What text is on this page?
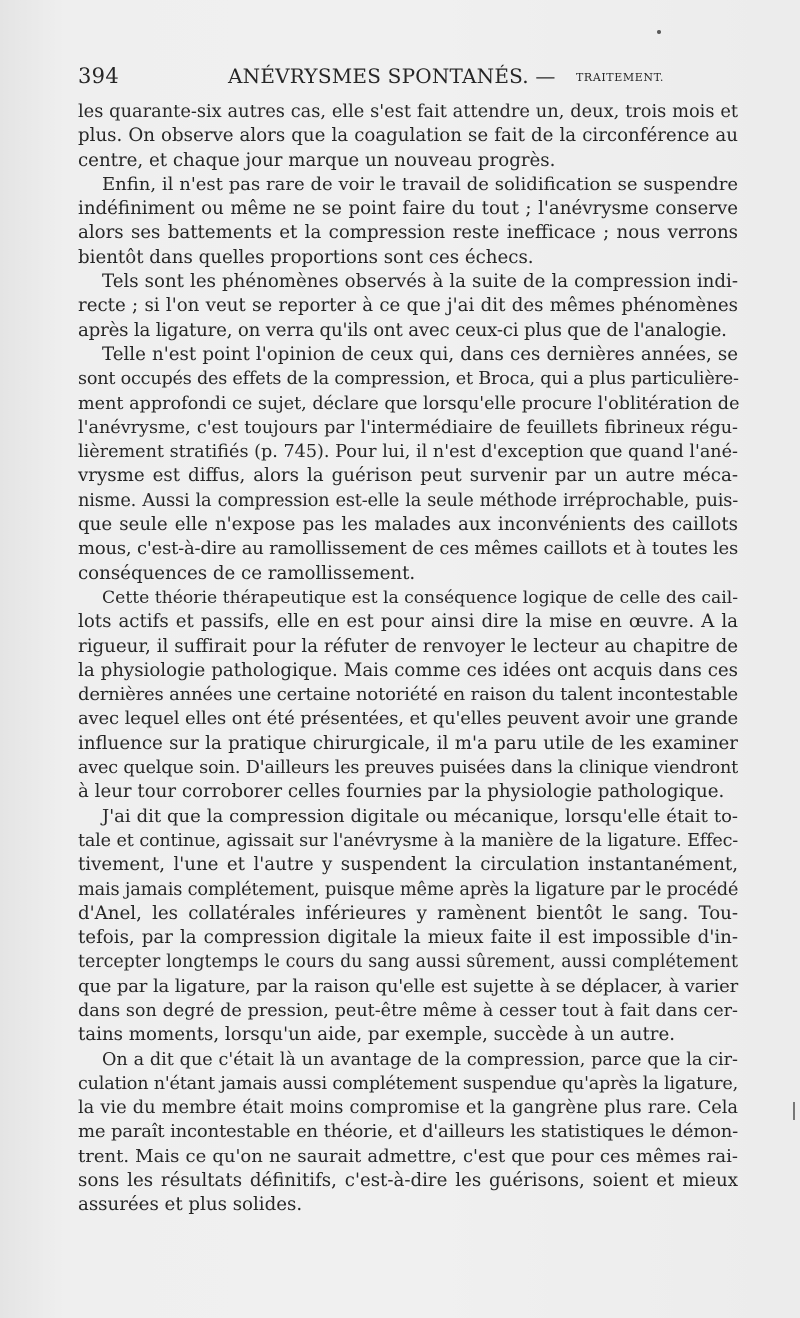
394	ANÉVRYSMES SPONTANÉS. — TRAITEMENT.
les quarante-six autres cas, elle s'est fait attendre un, deux, trois mois et
plus. On observe alors que la coagulation se fait de la circonférence au
centre, et chaque jour marque un nouveau progrès.
Enfin, il n'est pas rare de voir le travail de solidification se suspendre
indéfiniment ou même ne se point faire du tout ; l'anévrysme conserve
alors ses battements et la compression reste inefficace ; nous verrons
bientôt dans quelles proportions sont ces échecs.
Tels sont les phénomènes observés à la suite de la compression indi-
recte ; si l'on veut se reporter à ce que j'ai dit des mêmes phénomènes
après la ligature, on verra qu'ils ont avec ceux-ci plus que de l'analogie.
Telle n'est point l'opinion de ceux qui, dans ces dernières années, se
sont occupés des effets de la compression, et Broca, qui a plus particulière-
ment approfondi ce sujet, déclare que lorsqu'elle procure l'oblitération de
l'anévrysme, c'est toujours par l'intermédiaire de feuillets fibrineux régu-
lièrement stratifiés (p. 745). Pour lui, il n'est d'exception que quand l'ané-
vrysme est diffus, alors la guérison peut survenir par un autre méca-
nisme. Aussi la compression est-elle la seule méthode irréprochable, puis-
que seule elle n'expose pas les malades aux inconvénients des caillots
mous, c'est-à-dire au ramollissement de ces mêmes caillots et à toutes les
conséquences de ce ramollissement.
Cette théorie thérapeutique est la conséquence logique de celle des cail-
lots actifs et passifs, elle en est pour ainsi dire la mise en œuvre. A la
rigueur, il suffirait pour la réfuter de renvoyer le lecteur au chapitre de
la physiologie pathologique. Mais comme ces idées ont acquis dans ces
dernières années une certaine notoriété en raison du talent incontestable
avec lequel elles ont été présentées, et qu'elles peuvent avoir une grande
influence sur la pratique chirurgicale, il m'a paru utile de les examiner
avec quelque soin. D'ailleurs les preuves puisées dans la clinique viendront
à leur tour corroborer celles fournies par la physiologie pathologique.
J'ai dit que la compression digitale ou mécanique, lorsqu'elle était to-
tale et continue, agissait sur l'anévrysme à la manière de la ligature. Effec-
tivement, l'une et l'autre y suspendent la circulation instantanément,
mais jamais complétement, puisque même après la ligature par le procédé
d'Anel, les collatérales inférieures y ramènent bientôt le sang. Tou-
tefois, par la compression digitale la mieux faite il est impossible d'in-
tercepter longtemps le cours du sang aussi sûrement, aussi complétement
que par la ligature, par la raison qu'elle est sujette à se déplacer, à varier
dans son degré de pression, peut-être même à cesser tout à fait dans cer-
tains moments, lorsqu'un aide, par exemple, succède à un autre.
On a dit que c'était là un avantage de la compression, parce que la cir-
culation n'étant jamais aussi complétement suspendue qu'après la ligature,
la vie du membre était moins compromise et la gangrène plus rare. Cela
me paraît incontestable en théorie, et d'ailleurs les statistiques le démon-
trent. Mais ce qu'on ne saurait admettre, c'est que pour ces mêmes rai-
sons les résultats définitifs, c'est-à-dire les guérisons, soient et mieux
assurées et plus solides.
